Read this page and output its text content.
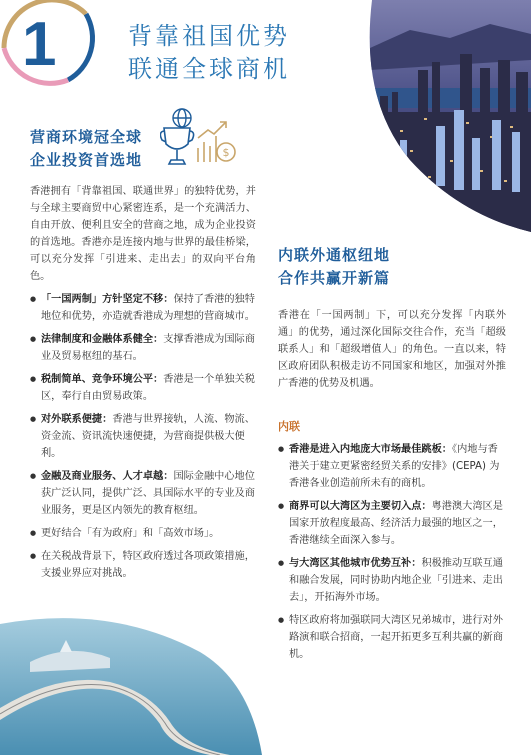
1	背靠祖国优势
联通全球商机
$
营商环境冠全球
企业投资首选地

香港拥有「背靠祖国、联通世界」的独特优势，并与全球主要商贸中心紧密连系，是一个充满活力、自由开放、便利且安全的营商之地，成为企业投资的首选地。香港亦是连接内地与世界的最佳桥梁，可以充分发挥「引进来、走出去」的双向平台角色。

● 「一国两制」方针坚定不移：保持了香港的独特地位和优势，亦造就香港成为理想的营商城市。
● 法律制度和金融体系健全：支撑香港成为国际商业及贸易枢纽的基石。
● 税制简单、竞争环境公平：香港是一个单独关税区，奉行自由贸易政策。
● 对外联系便捷：香港与世界接轨，人流、物流、资金流、资讯流快速便捷，为营商提供极大便利。
● 金融及商业服务、人才卓越：国际金融中心地位获广泛认同，提供广泛、具国际水平的专业及商业服务，更是区内领先的教育枢纽。
● 更好结合「有为政府」和「高效市场」。
● 在关税战背景下，特区政府透过各项政策措施，支援业界应对挑战。
内联外通枢纽地
合作共赢开新篇

香港在「一国两制」下，可以充分发挥「内联外通」的优势，通过深化国际交往合作，充当「超级联系人」和「超级增值人」的角色。一直以来，特区政府团队积极走访不同国家和地区，加强对外推广香港的优势及机遇。

内联
● 香港是进入内地庞大市场最佳跳板：《内地与香港关于建立更紧密经贸关系的安排》(CEPA) 为香港各业创造前所未有的商机。
● 商界可以大湾区为主要切入点：粤港澳大湾区是国家开放程度最高、经济活力最强的地区之一，香港继续全面深入参与。
● 与大湾区其他城市优势互补：积极推动互联互通和融合发展，同时协助内地企业「引进来、走出去」，开拓海外市场。
● 特区政府将加强联同大湾区兄弟城市，进行对外路演和联合招商，一起开拓更多互利共赢的新商机。
